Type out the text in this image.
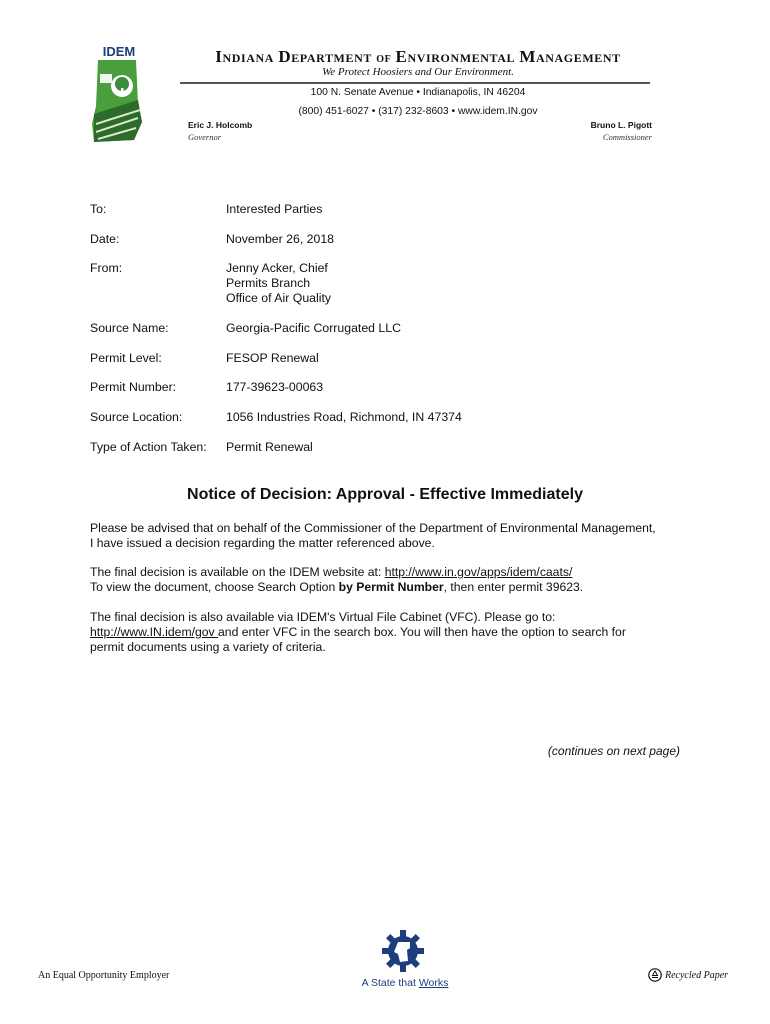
IDEM	Indiana Department of Environmental Management
We Protect Hoosiers and Our Environment.
100 N. Senate Avenue • Indianapolis, IN 46204
(800) 451-6027 • (317) 232-8603 • www.idem.IN.gov
Eric J. Holcomb
Governor
Bruno L. Pigott
Commissioner
To:	Interested Parties
Date:	November 26, 2018
From:	Jenny Acker, Chief
Permits Branch
Office of Air Quality
Source Name:	Georgia-Pacific Corrugated LLC
Permit Level:	FESOP Renewal
Permit Number:	177-39623-00063
Source Location:	1056 Industries Road, Richmond, IN 47374
Type of Action Taken: Permit Renewal
Notice of Decision: Approval - Effective Immediately

Please be advised that on behalf of the Commissioner of the Department of Environmental Management,

I have issued a decision regarding the matter referenced above.

The final decision is available on the IDEM website at: http://www.in.gov/apps/idem/caats/

To view the document, choose Search Option by Permit Number, then enter permit 39623.

The final decision is also available via IDEM's Virtual File Cabinet (VFC). Please go to:

http://www.IN.idem/gov and enter VFC in the search box. You will then have the option to search for

permit documents using a variety of criteria.

(continues on next page)
An Equal Opportunity Employer
A State that Works
Recycled Paper
